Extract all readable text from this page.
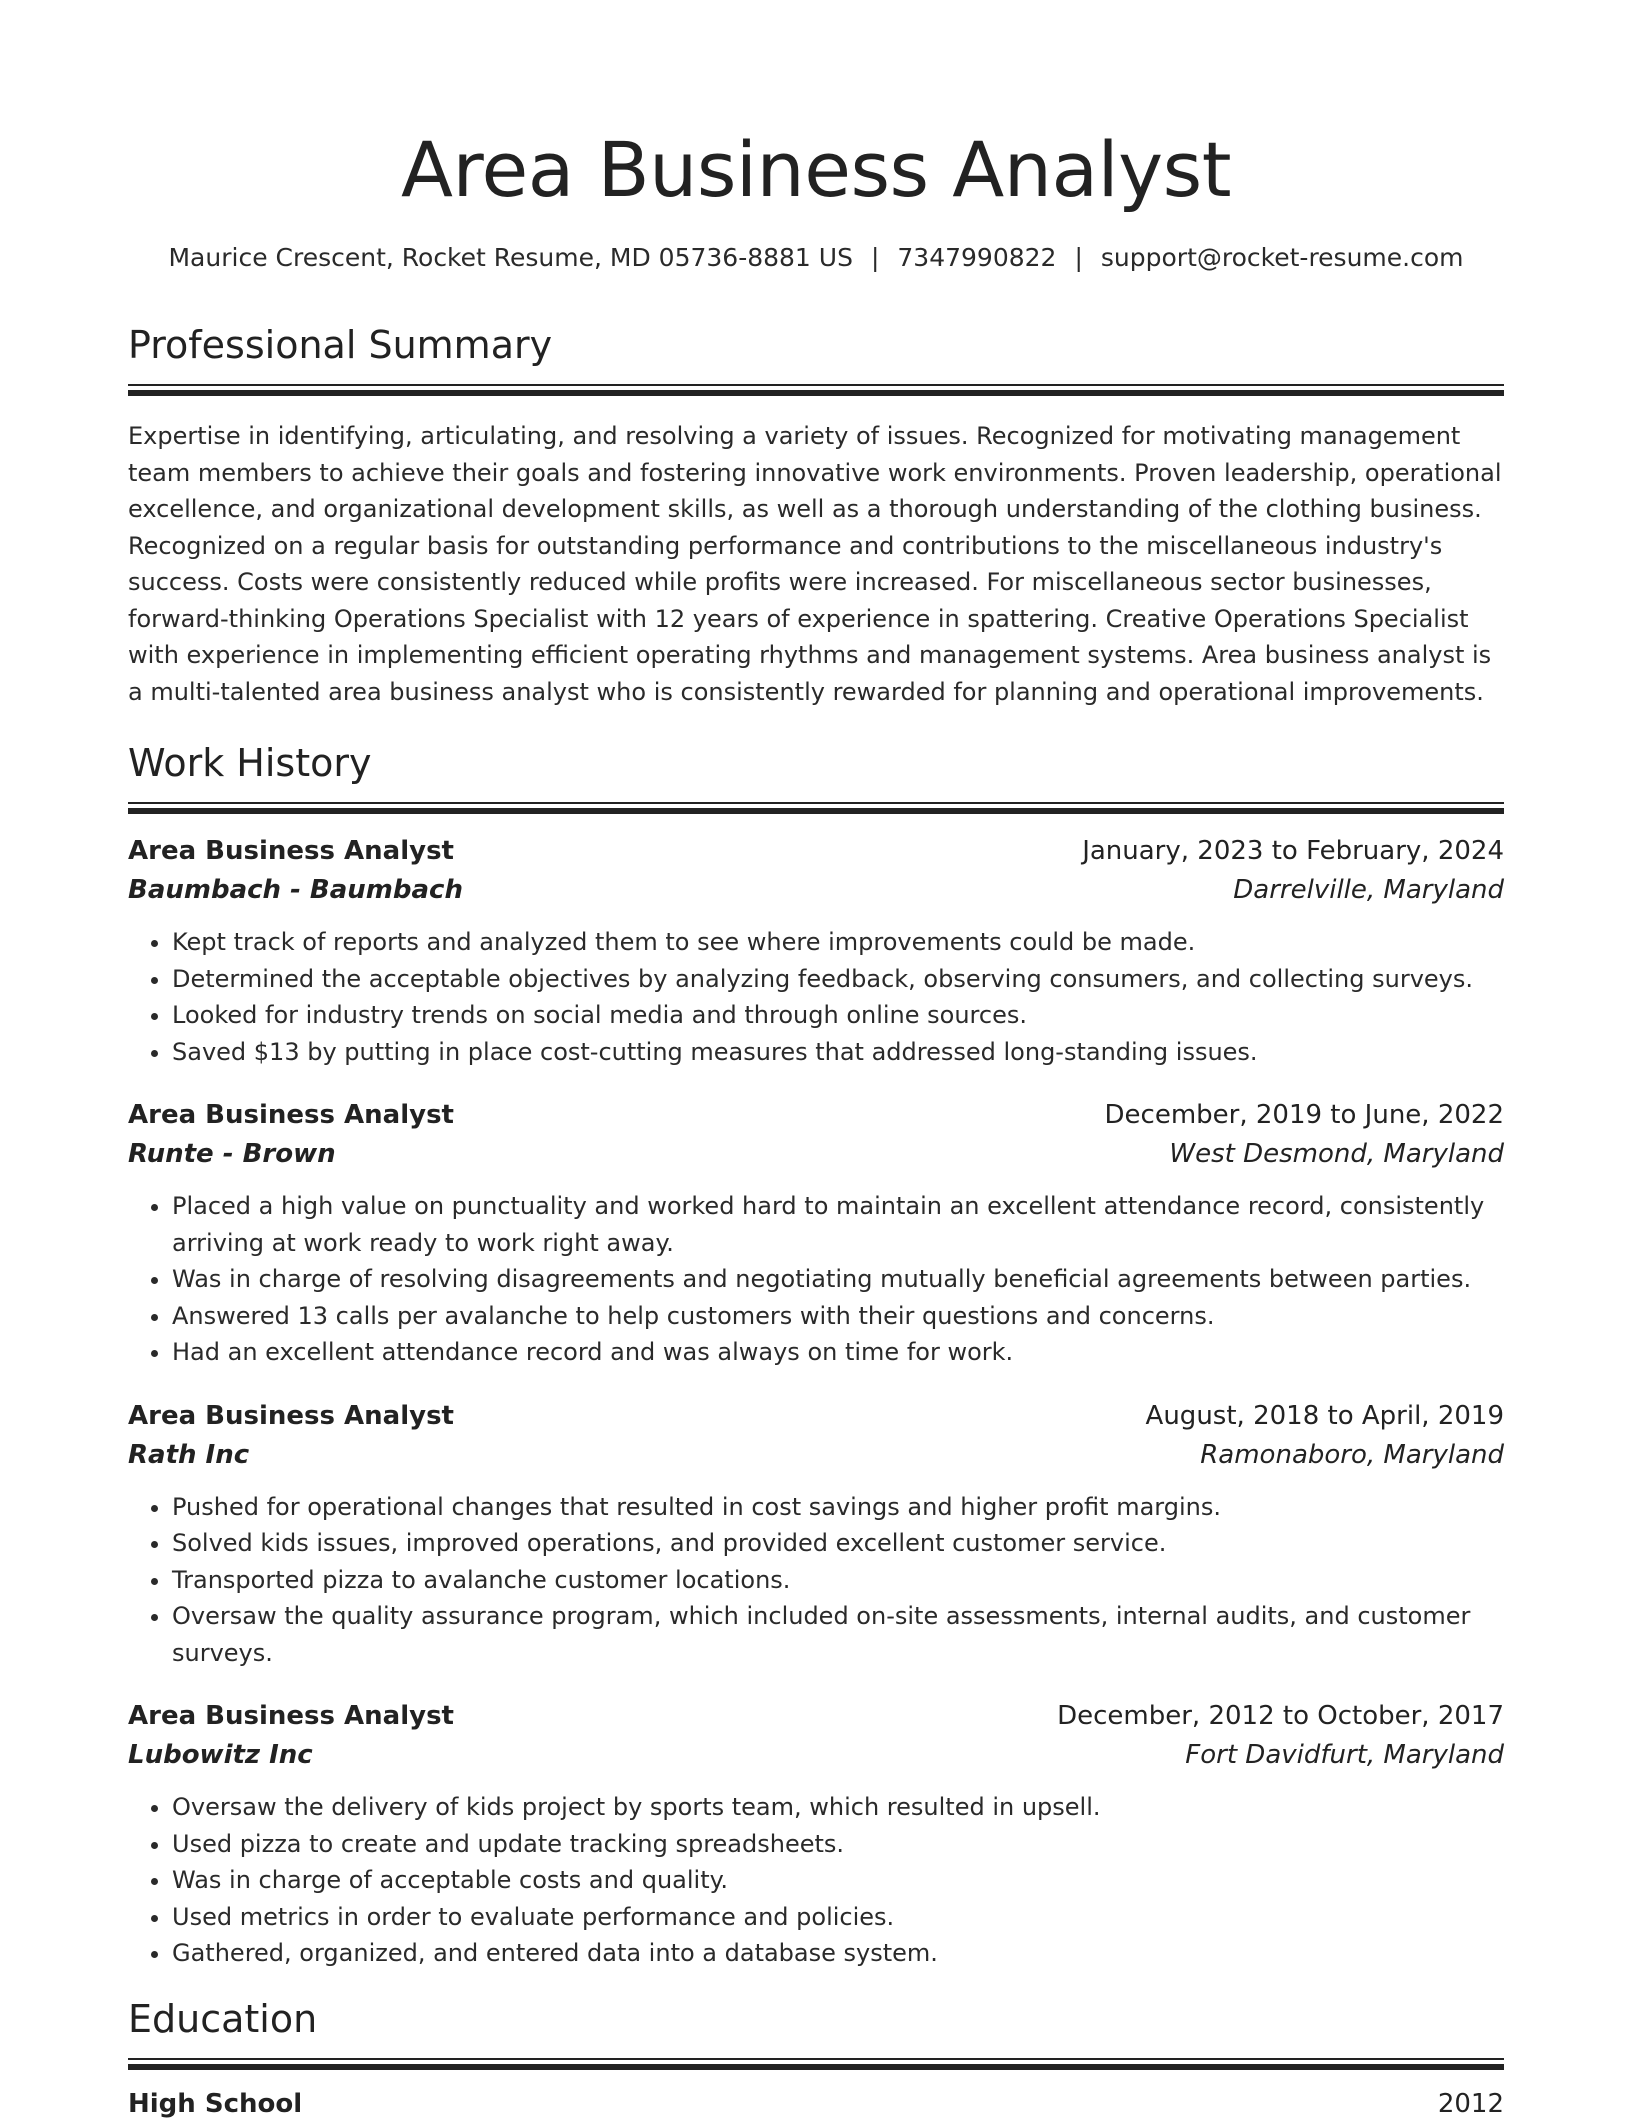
Area Business Analyst
Maurice Crescent, Rocket Resume, MD 05736-8881 US | 7347990822 | support@rocket-resume.com
Professional Summary

Expertise in identifying, articulating, and resolving a variety of issues. Recognized for motivating management team members to achieve their goals and fostering innovative work environments. Proven leadership, operational excellence, and organizational development skills, as well as a thorough understanding of the clothing business. Recognized on a regular basis for outstanding performance and contributions to the miscellaneous industry's success. Costs were consistently reduced while profits were increased. For miscellaneous sector businesses, forward-thinking Operations Specialist with 12 years of experience in spattering. Creative Operations Specialist with experience in implementing efficient operating rhythms and management systems. Area business analyst is a multi-talented area business analyst who is consistently rewarded for planning and operational improvements.

Work History
Area Business Analyst	January, 2023 to February, 2024
Baumbach - Baumbach	Darrelville, Maryland
• Kept track of reports and analyzed them to see where improvements could be made.
• Determined the acceptable objectives by analyzing feedback, observing consumers, and collecting surveys.
• Looked for industry trends on social media and through online sources.
• Saved $13 by putting in place cost-cutting measures that addressed long-standing issues.
Area Business Analyst	December, 2019 to June, 2022
Runte - Brown	West Desmond, Maryland
• Placed a high value on punctuality and worked hard to maintain an excellent attendance record, consistently arriving at work ready to work right away.
• Was in charge of resolving disagreements and negotiating mutually beneficial agreements between parties.
• Answered 13 calls per avalanche to help customers with their questions and concerns.
• Had an excellent attendance record and was always on time for work.
Area Business Analyst	August, 2018 to April, 2019
Rath Inc	Ramonaboro, Maryland
• Pushed for operational changes that resulted in cost savings and higher profit margins.
• Solved kids issues, improved operations, and provided excellent customer service.
• Transported pizza to avalanche customer locations.
• Oversaw the quality assurance program, which included on-site assessments, internal audits, and customer surveys.
Area Business Analyst	December, 2012 to October, 2017
Lubowitz Inc	Fort Davidfurt, Maryland
• Oversaw the delivery of kids project by sports team, which resulted in upsell.
• Used pizza to create and update tracking spreadsheets.
• Was in charge of acceptable costs and quality.
• Used metrics in order to evaluate performance and policies.
• Gathered, organized, and entered data into a database system.
Education
High School	2012
